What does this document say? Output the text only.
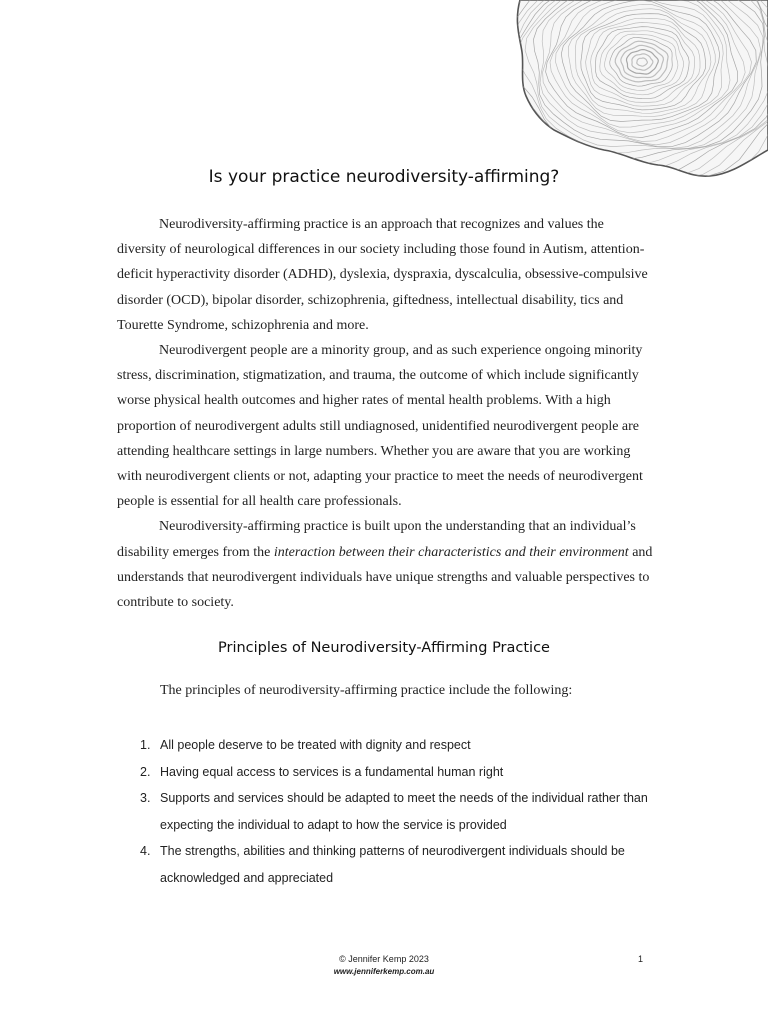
Is your practice neurodiversity-affirming?

Neurodiversity-affirming practice is an approach that recognizes and values the diversity of neurological differences in our society including those found in Autism, attention-deficit hyperactivity disorder (ADHD), dyslexia, dyspraxia, dyscalculia, obsessive-compulsive disorder (OCD), bipolar disorder, schizophrenia, giftedness, intellectual disability, tics and Tourette Syndrome, schizophrenia and more.

Neurodivergent people are a minority group, and as such experience ongoing minority stress, discrimination, stigmatization, and trauma, the outcome of which include significantly worse physical health outcomes and higher rates of mental health problems. With a high proportion of neurodivergent adults still undiagnosed, unidentified neurodivergent people are attending healthcare settings in large numbers. Whether you are aware that you are working with neurodivergent clients or not, adapting your practice to meet the needs of neurodivergent people is essential for all health care professionals.

Neurodiversity-affirming practice is built upon the understanding that an individual’s disability emerges from the interaction between their characteristics and their environment and understands that neurodivergent individuals have unique strengths and valuable perspectives to contribute to society.

Principles of Neurodiversity-Affirming Practice
The principles of neurodiversity-affirming practice include the following:
1. All people deserve to be treated with dignity and respect
2. Having equal access to services is a fundamental human right
3. Supports and services should be adapted to meet the needs of the individual rather than expecting the individual to adapt to how the service is provided
4. The strengths, abilities and thinking patterns of neurodivergent individuals should be acknowledged and appreciated
© Jennifer Kemp 2023
www.jenniferkemp.com.au
1
